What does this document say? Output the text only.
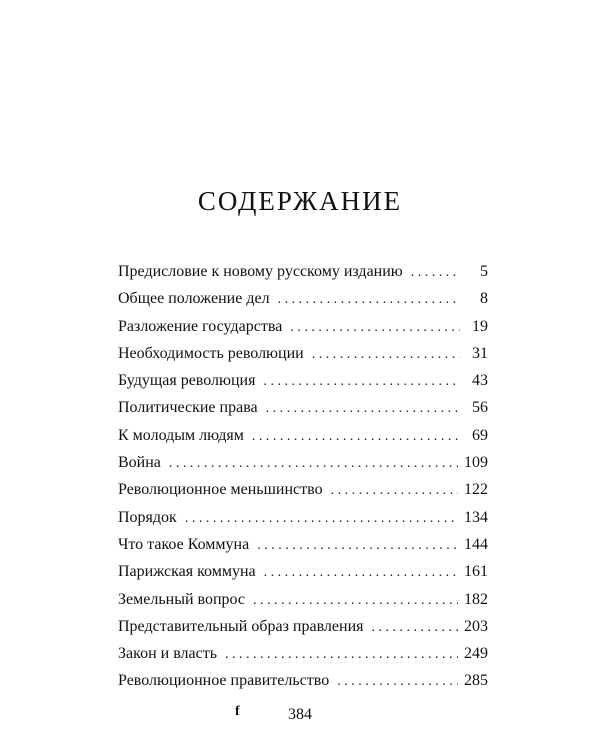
СОДЕРЖАНИЕ
Предисловие к новому русскому изданию . . .	5
Общее положение дел . . .	8
Разложение государства . . .	19
Необходимость революции . . .	31
Будущая революция . . .	43
Политические права . . .	56
К молодым людям . . .	69
Война . . .	109
Революционное меньшинство . . .	122
Порядок . . .	134
Что такое Коммуна . . .	144
Парижская коммуна . . .	161
Земельный вопрос . . .	182
Представительный образ правления . . .	203
Закон и власть . . .	249
Революционное правительство . . .	285
f	384
